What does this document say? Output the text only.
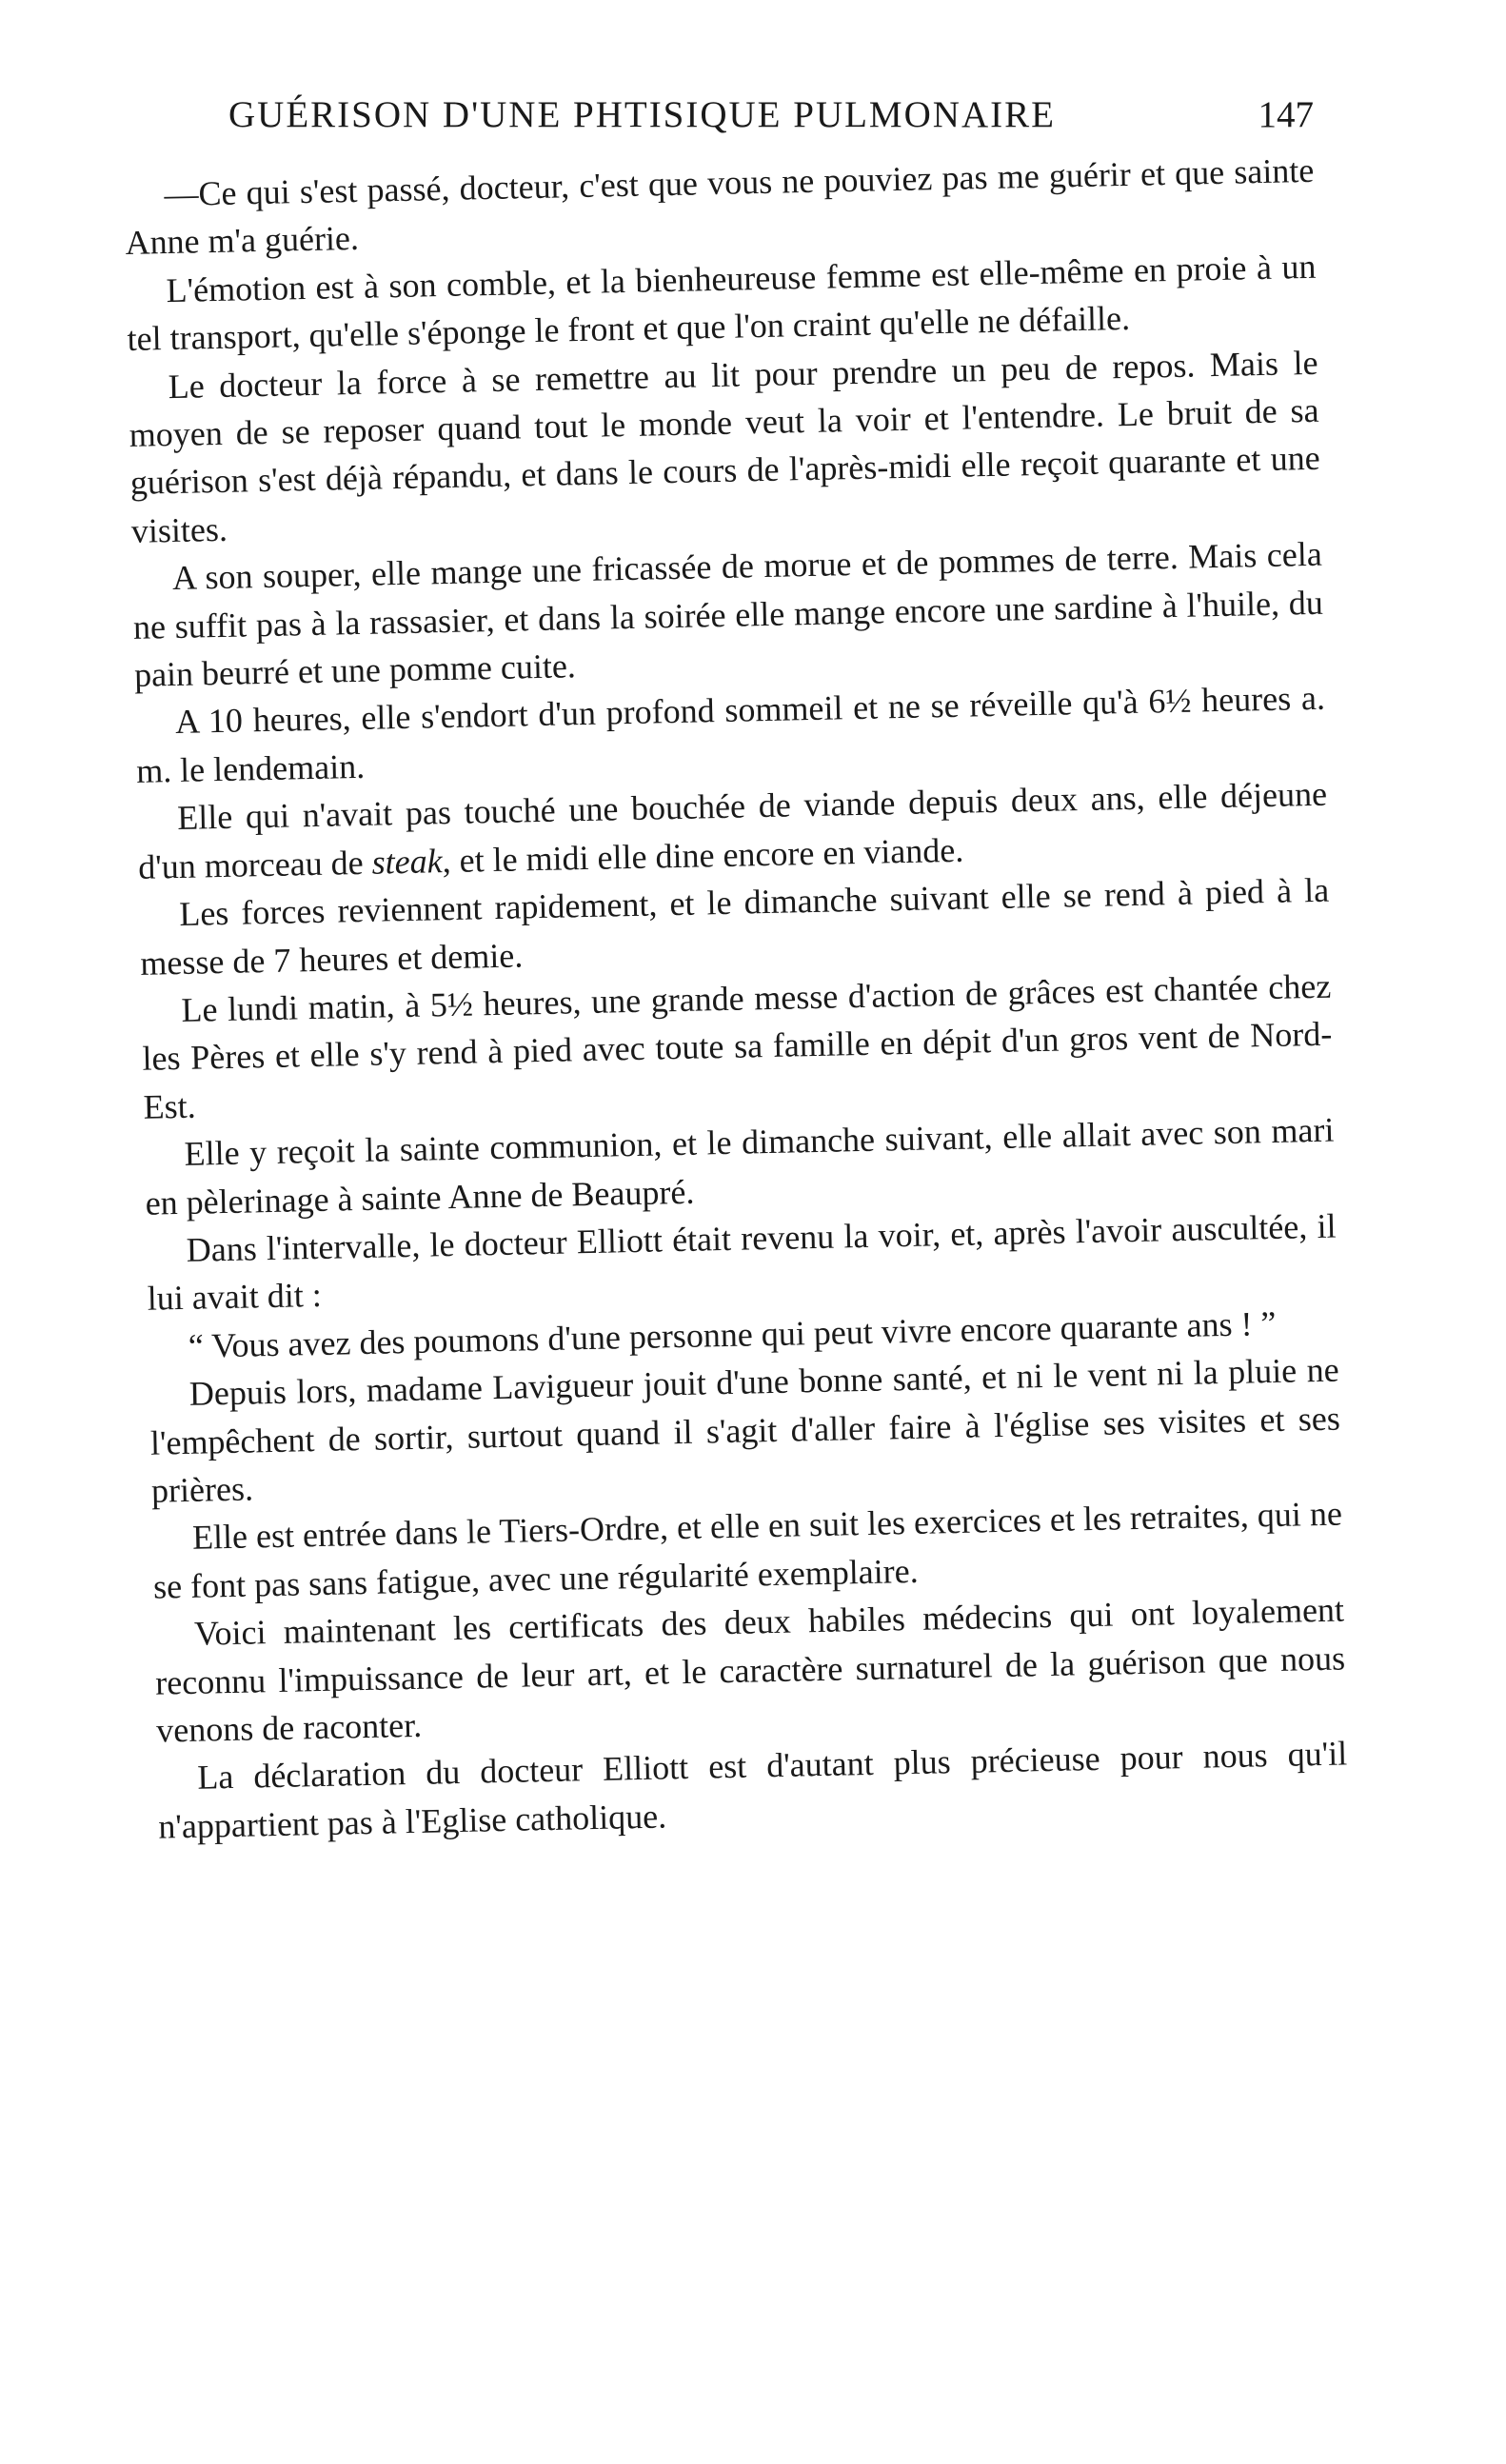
GUÉRISON D'UNE PHTISIQUE PULMONAIRE	147

—Ce qui s'est passé, docteur, c'est que vous ne pouviez pas me guérir et que sainte Anne m'a guérie.

L'émotion est à son comble, et la bienheureuse femme est elle-même en proie à un tel transport, qu'elle s'éponge le front et que l'on craint qu'elle ne défaille.

Le docteur la force à se remettre au lit pour prendre un peu de repos. Mais le moyen de se reposer quand tout le monde veut la voir et l'entendre. Le bruit de sa guérison s'est déjà répandu, et dans le cours de l'après-midi elle reçoit quarante et une visites.

A son souper, elle mange une fricassée de morue et de pommes de terre. Mais cela ne suffit pas à la rassasier, et dans la soirée elle mange encore une sardine à l'huile, du pain beurré et une pomme cuite.

A 10 heures, elle s'endort d'un profond sommeil et ne se réveille qu'à 6½ heures a. m. le lendemain.

Elle qui n'avait pas touché une bouchée de viande depuis deux ans, elle déjeune d'un morceau de steak, et le midi elle dine encore en viande.

Les forces reviennent rapidement, et le dimanche suivant elle se rend à pied à la messe de 7 heures et demie.

Le lundi matin, à 5½ heures, une grande messe d'action de grâces est chantée chez les Pères et elle s'y rend à pied avec toute sa famille en dépit d'un gros vent de Nord-Est.

Elle y reçoit la sainte communion, et le dimanche suivant, elle allait avec son mari en pèlerinage à sainte Anne de Beaupré.

Dans l'intervalle, le docteur Elliott était revenu la voir, et, après l'avoir auscultée, il lui avait dit :

“ Vous avez des poumons d'une personne qui peut vivre encore quarante ans ! ”

Depuis lors, madame Lavigueur jouit d'une bonne santé, et ni le vent ni la pluie ne l'empêchent de sortir, surtout quand il s'agit d'aller faire à l'église ses visites et ses prières.

Elle est entrée dans le Tiers-Ordre, et elle en suit les exercices et les retraites, qui ne se font pas sans fatigue, avec une régularité exemplaire.

Voici maintenant les certificats des deux habiles médecins qui ont loyalement reconnu l'impuissance de leur art, et le caractère surnaturel de la guérison que nous venons de raconter.

La déclaration du docteur Elliott est d'autant plus précieuse pour nous qu'il n'appartient pas à l'Eglise catholique.
